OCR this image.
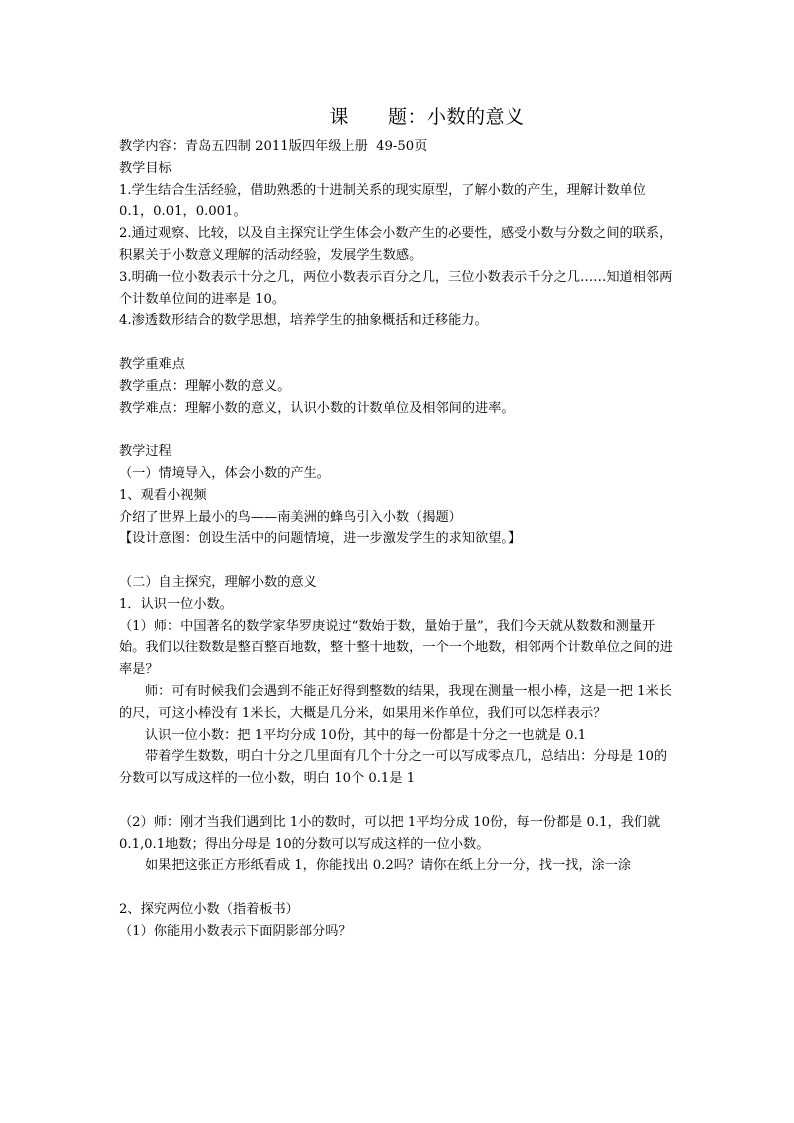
课　　题：小数的意义

教学内容：青岛五四制 2011版四年级上册  49-50页

教学目标

1.学生结合生活经验，借助熟悉的十进制关系的现实原型，了解小数的产生，理解计数单位0.1，0.01，0.001。

2.通过观察、比较，以及自主探究让学生体会小数产生的必要性，感受小数与分数之间的联系，积累关于小数意义理解的活动经验，发展学生数感。

3.明确一位小数表示十分之几，两位小数表示百分之几，三位小数表示千分之几……知道相邻两个计数单位间的进率是 10。

4.渗透数形结合的数学思想，培养学生的抽象概括和迁移能力。

教学重难点

教学重点：理解小数的意义。

教学难点：理解小数的意义，认识小数的计数单位及相邻间的进率。

教学过程

（一）情境导入，体会小数的产生。

1、观看小视频

介绍了世界上最小的鸟——南美洲的蜂鸟引入小数（揭题）

【设计意图：创设生活中的问题情境，进一步激发学生的求知欲望。】

（二）自主探究，理解小数的意义

1．认识一位小数。

（1）师：中国著名的数学家华罗庚说过“数始于数，量始于量”，我们今天就从数数和测量开始。我们以往数数是整百整百地数，整十整十地数，一个一个地数，相邻两个计数单位之间的进率是？

师：可有时候我们会遇到不能正好得到整数的结果，我现在测量一根小棒，这是一把 1米长的尺，可这小棒没有 1米长，大概是几分米，如果用米作单位，我们可以怎样表示？

认识一位小数：把 1平均分成 10份，其中的每一份都是十分之一也就是 0.1

带着学生数数，明白十分之几里面有几个十分之一可以写成零点几，总结出：分母是 10的分数可以写成这样的一位小数，明白 10个 0.1是 1

（2）师：刚才当我们遇到比 1小的数时，可以把 1平均分成 10份，每一份都是 0.1，我们就 0.1,0.1地数；得出分母是 10的分数可以写成这样的一位小数。

如果把这张正方形纸看成 1，你能找出 0.2吗？请你在纸上分一分，找一找，涂一涂

2、探究两位小数（指着板书）

（1）你能用小数表示下面阴影部分吗？
